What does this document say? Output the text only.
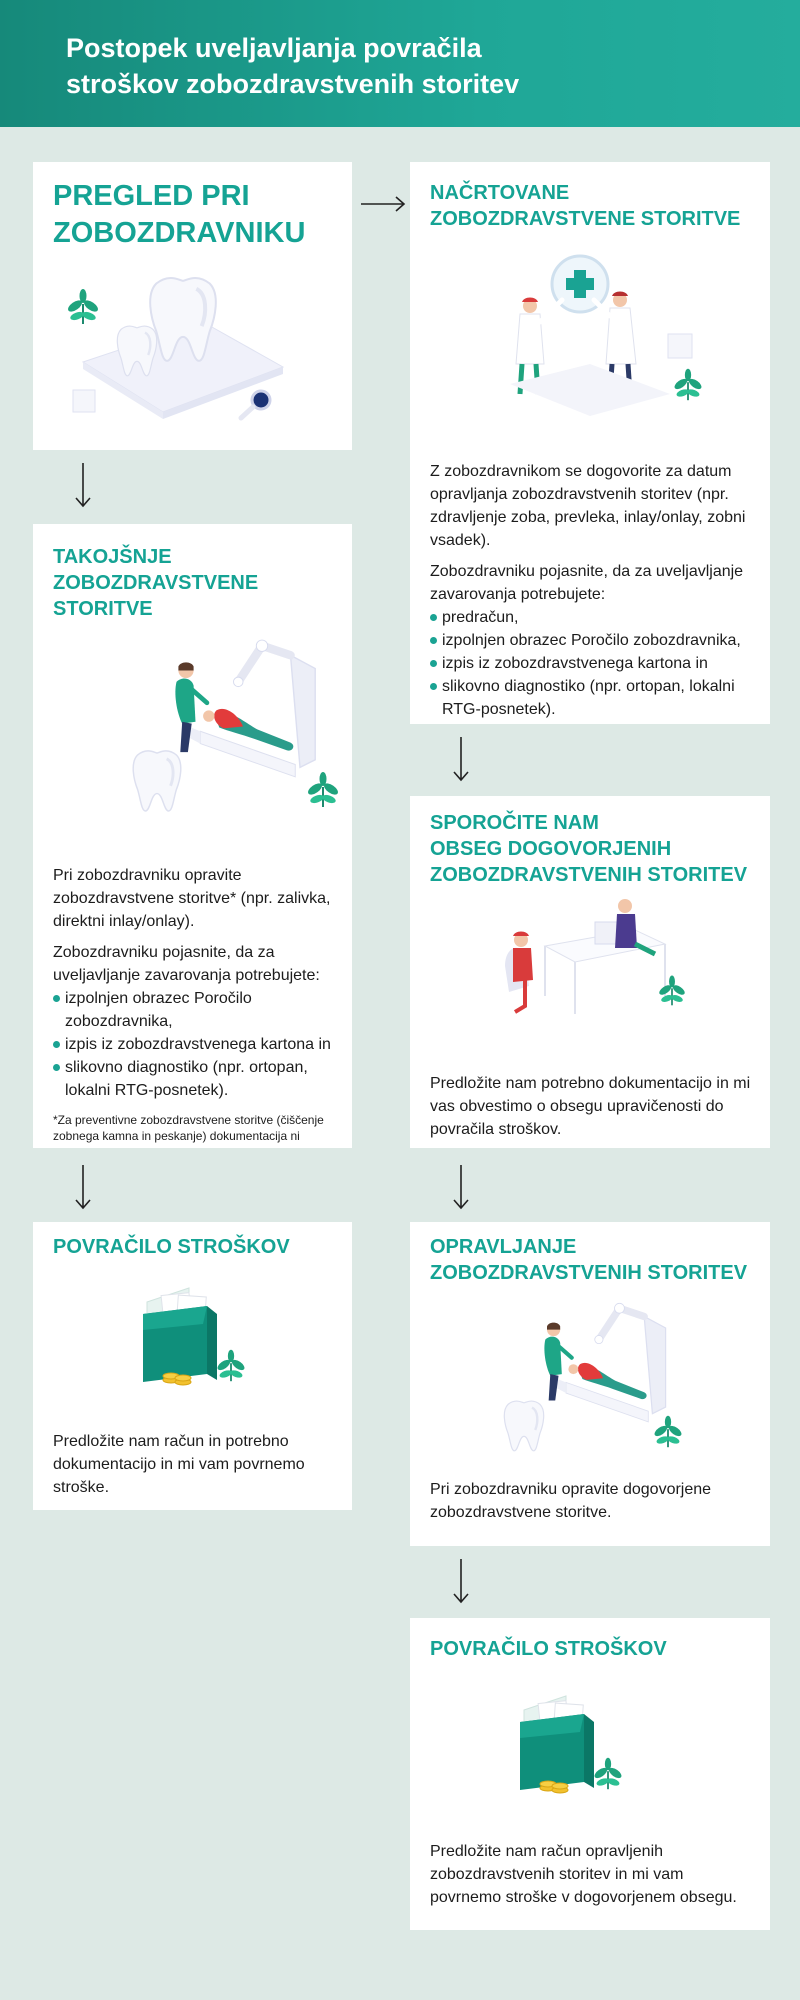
Postopek uveljavljanja povračila
stroškov zobozdravstvenih storitev
PREGLED PRI
ZOBOZDRAVNIKU
TAKOJŠNJE
ZOBOZDRAVSTVENE
STORITVE

Pri zobozdravniku opravite zobozdravstvene storitve* (npr. zalivka, direktni inlay/onlay).

Zobozdravniku pojasnite, da za uveljavljanje zavarovanja potrebujete:

izpolnjen obrazec Poročilo zobozdravnika,
izpis iz zobozdravstvenega kartona in
slikovno diagnostiko (npr. ortopan, lokalni RTG-posnetek).
*Za preventivne zobozdravstvene storitve (čiščenje zobnega kamna in peskanje) dokumentacija ni
POVRAČILO STROŠKOV

Predložite nam račun in potrebno dokumentacijo in mi vam povrnemo stroške.

NAČRTOVANE
ZOBOZDRAVSTVENE STORITVE

Z zobozdravnikom se dogovorite za datum opravljanja zobozdravstvenih storitev (npr. zdravljenje zoba, prevleka, inlay/onlay, zobni vsadek).

Zobozdravniku pojasnite, da za uveljavljanje zavarovanja potrebujete:

predračun,
izpolnjen obrazec Poročilo zobozdravnika,
izpis iz zobozdravstvenega kartona in
slikovno diagnostiko (npr. ortopan, lokalni RTG-posnetek).
SPOROČITE NAM
OBSEG DOGOVORJENIH
ZOBOZDRAVSTVENIH STORITEV

Predložite nam potrebno dokumentacijo in mi vas obvestimo o obsegu upravičenosti do povračila stroškov.

OPRAVLJANJE
ZOBOZDRAVSTVENIH STORITEV

Pri zobozdravniku opravite dogovorjene zobozdravstvene storitve.

POVRAČILO STROŠKOV

Predložite nam račun opravljenih zobozdravstvenih storitev in mi vam povrnemo stroške v dogovorjenem obsegu.
